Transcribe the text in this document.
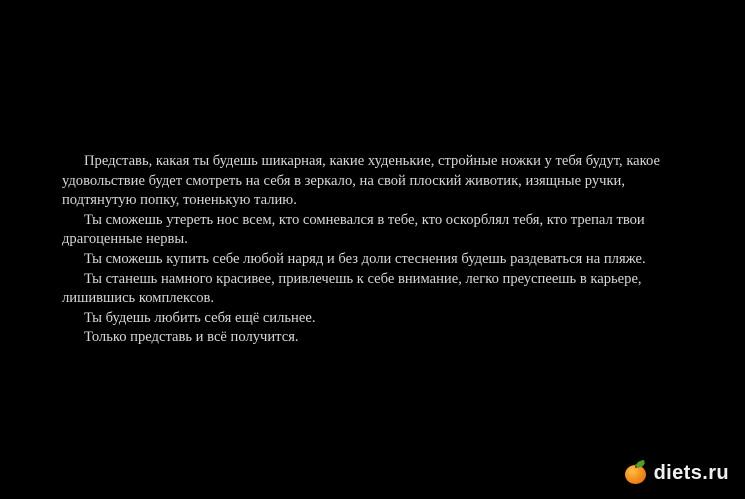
Представь, какая ты будешь шикарная, какие худенькие, стройные ножки у тебя будут, какое удовольствие будет смотреть на себя в зеркало, на свой плоский животик, изящные ручки, подтянутую попку, тоненькую талию.

Ты сможешь утереть нос всем, кто сомневался в тебе, кто оскорблял тебя, кто трепал твои драгоценные нервы.

Ты сможешь купить себе любой наряд и без доли стеснения будешь раздеваться на пляже.

Ты станешь намного красивее, привлечешь к себе внимание, легко преуспеешь в карьере, лишившись комплексов.

Ты будешь любить себя ещё сильнее.

Только представь и всё получится.

diets.ru
